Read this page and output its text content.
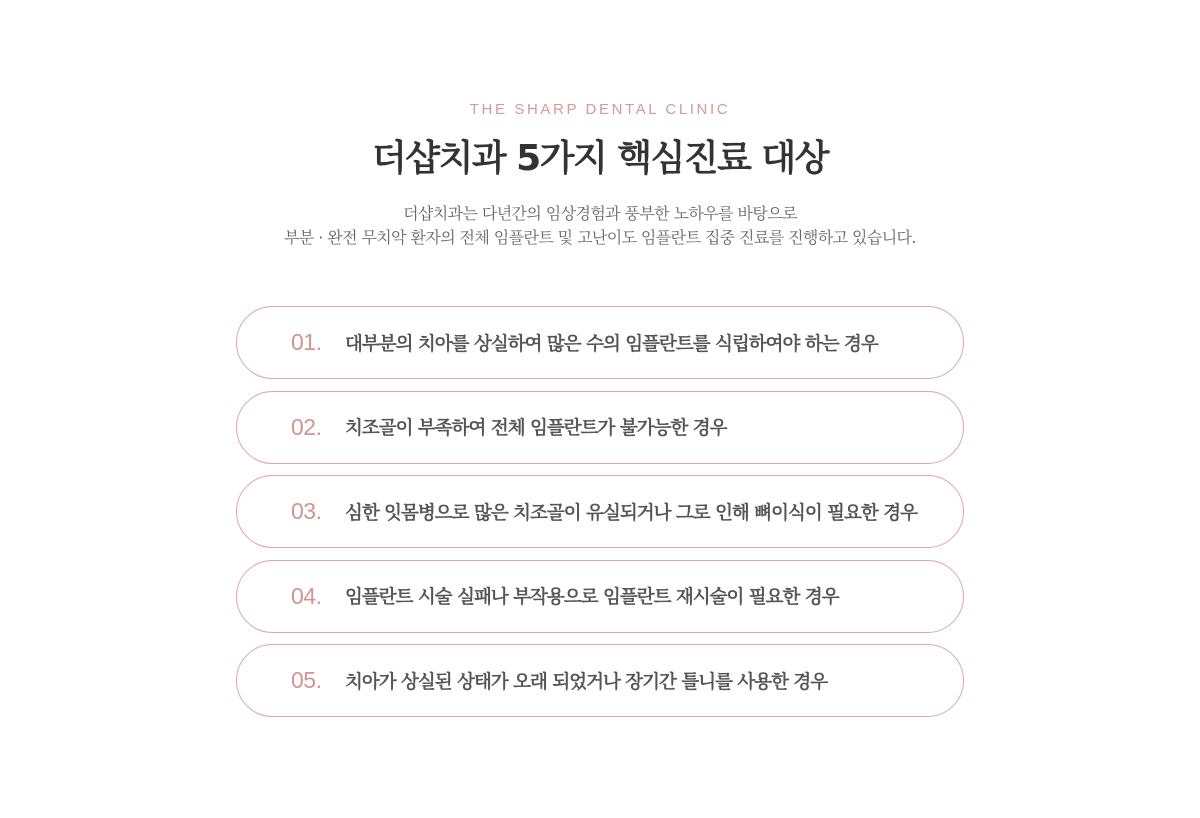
THE SHARP DENTAL CLINIC
더샵치과 5가지 핵심진료 대상
더샵치과는 다년간의 임상경험과 풍부한 노하우를 바탕으로
부분 · 완전 무치악 환자의 전체 임플란트 및 고난이도 임플란트 집중 진료를 진행하고 있습니다.
01.	대부분의 치아를 상실하여 많은 수의 임플란트를 식립하여야 하는 경우
02.	치조골이 부족하여 전체 임플란트가 불가능한 경우
03.	심한 잇몸병으로 많은 치조골이 유실되거나 그로 인해 뼈이식이 필요한 경우
04.	임플란트 시술 실패나 부작용으로 임플란트 재시술이 필요한 경우
05.	치아가 상실된 상태가 오래 되었거나 장기간 틀니를 사용한 경우
